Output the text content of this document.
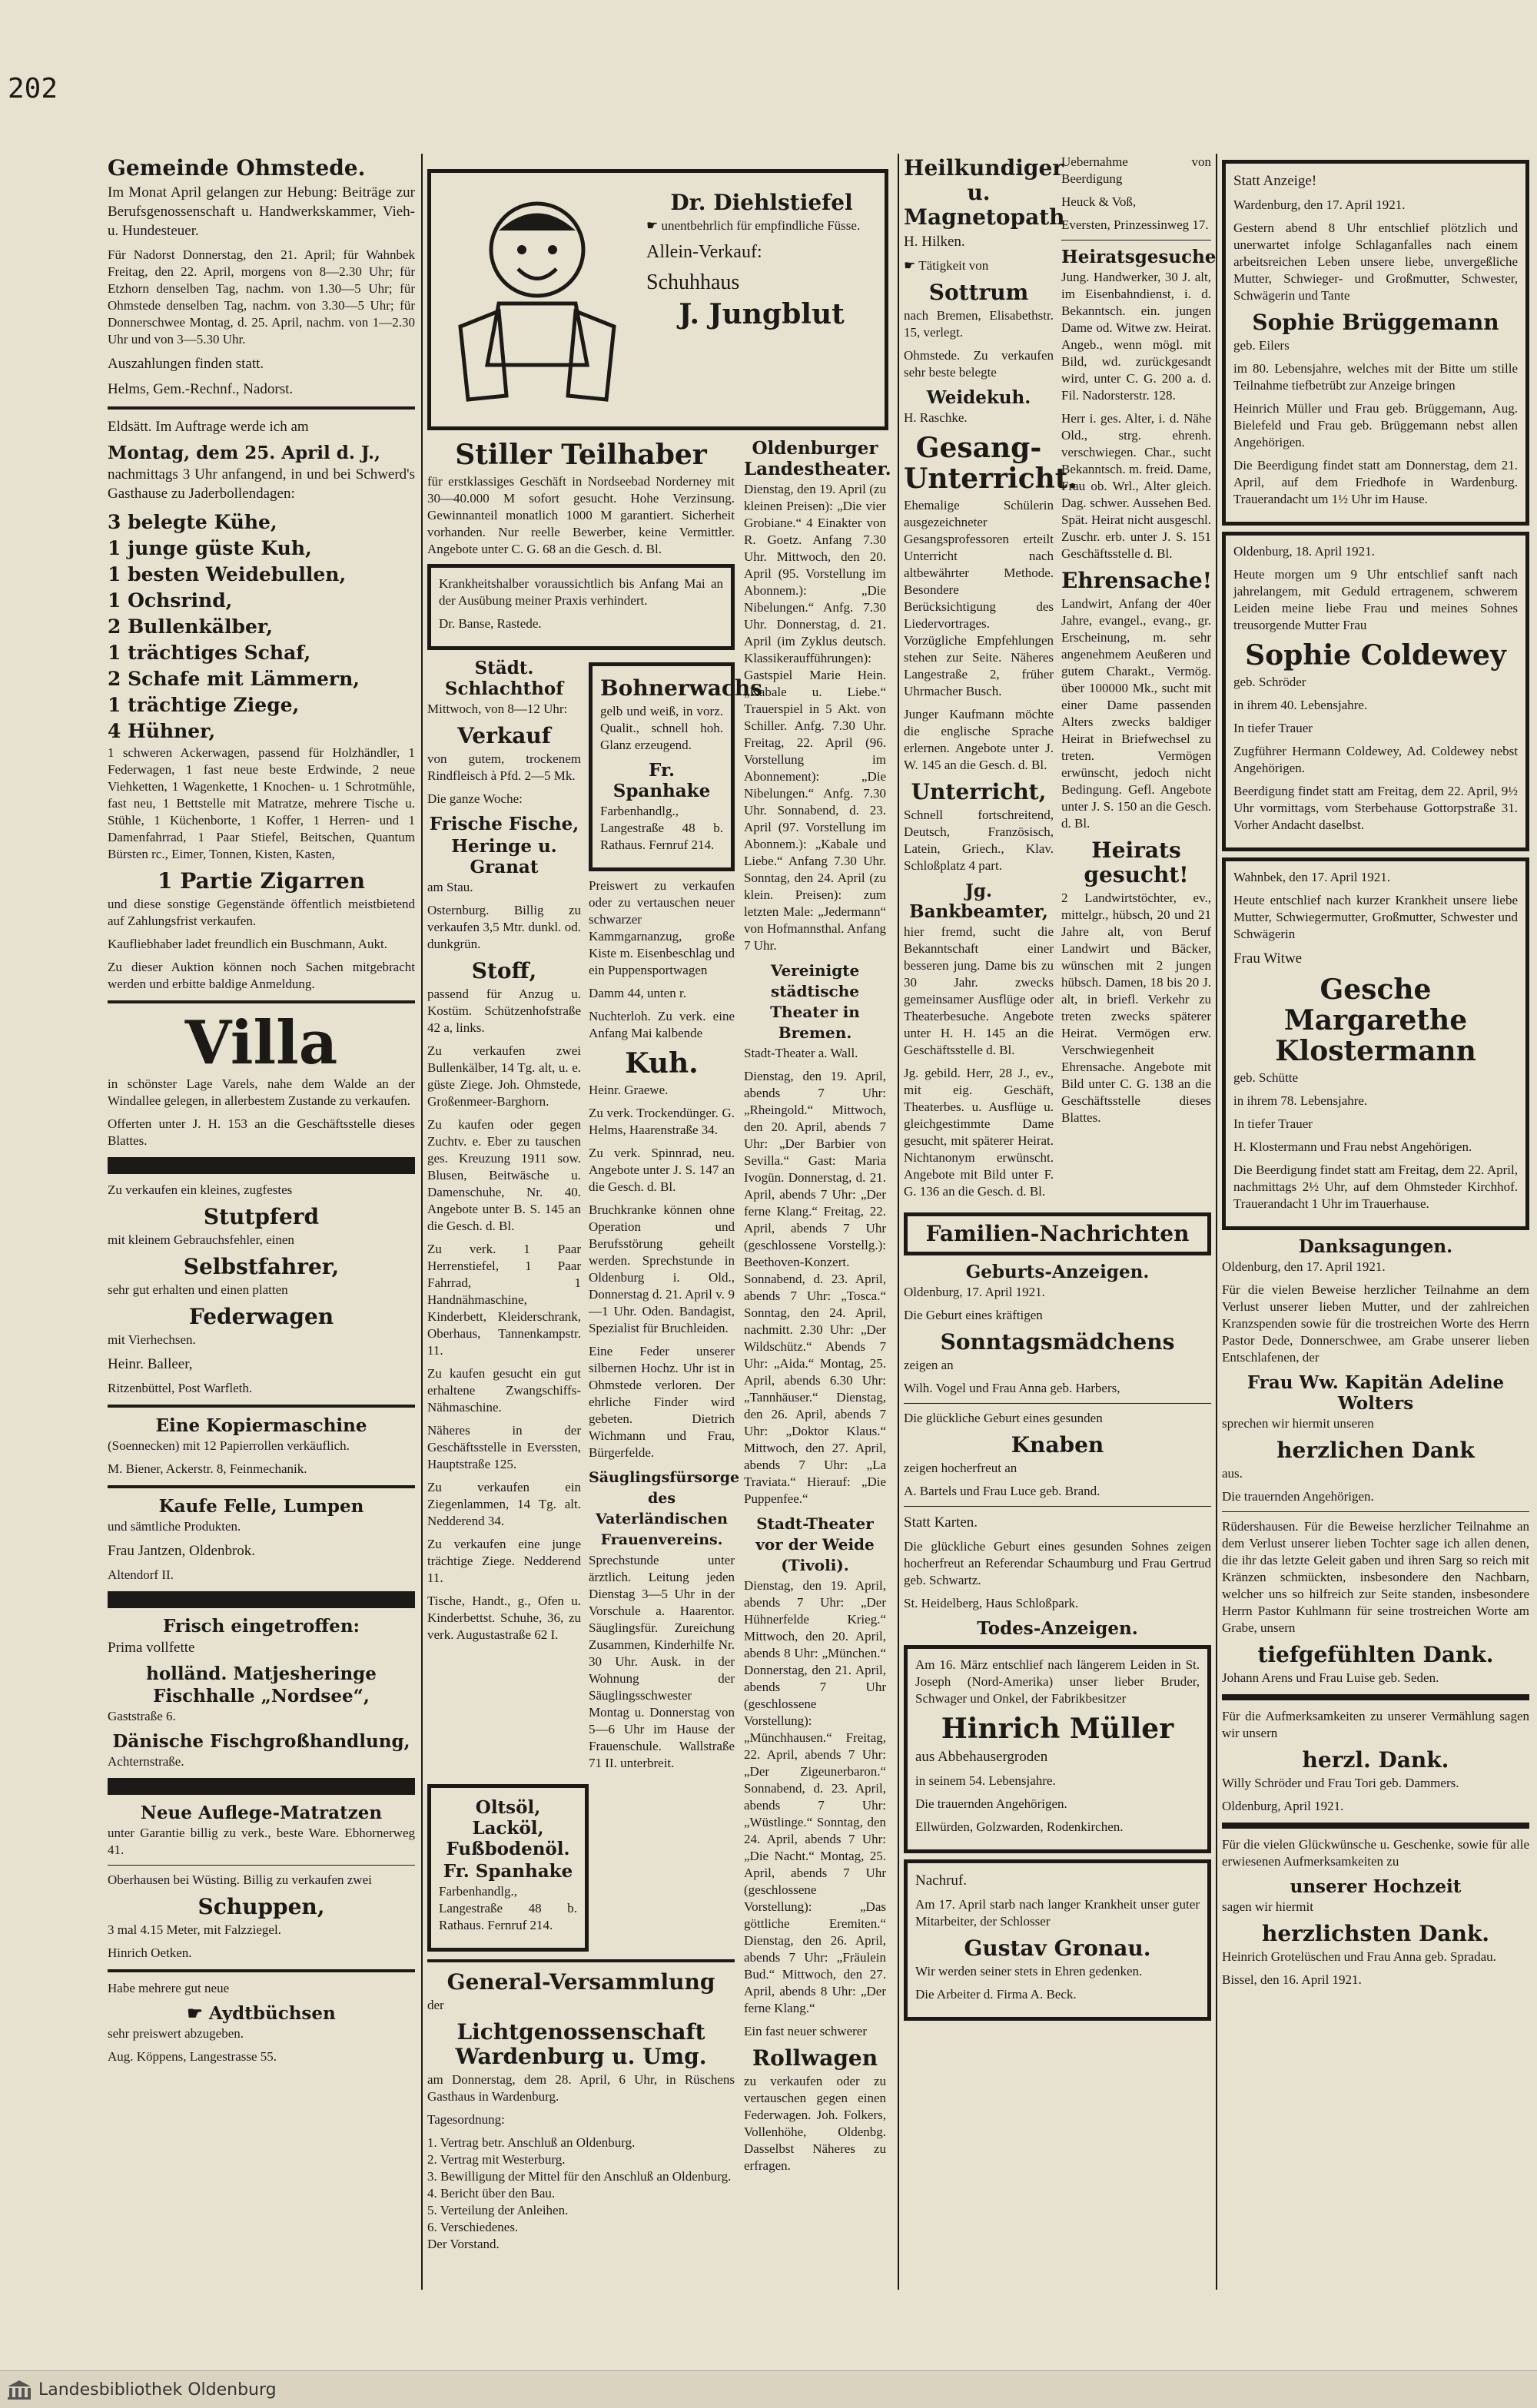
202
Gemeinde Ohmstede.

Im Monat April gelangen zur Hebung: Beiträge zur Berufsgenossenschaft u. Handwerkskammer, Vieh- u. Hundesteuer.

Für Nadorst Donnerstag, den 21. April; für Wahnbek Freitag, den 22. April, morgens von 8—2.30 Uhr; für Etzhorn denselben Tag, nachm. von 1.30—5 Uhr; für Ohmstede denselben Tag, nachm. von 3.30—5 Uhr; für Donnerschwee Montag, d. 25. April, nachm. von 1—2.30 Uhr und von 3—5.30 Uhr.

Auszahlungen finden statt.

Helms, Gem.-Rechnf., Nadorst.

Eldsätt. Im Auftrage werde ich am

Montag, dem 25. April d. J.,

nachmittags 3 Uhr anfangend, in und bei Schwerd's Gasthause zu Jaderbollendagen:

3 belegte Kühe,
1 junge güste Kuh,
1 besten Weidebullen,
1 Ochsrind,
2 Bullenkälber,
1 trächtiges Schaf,
2 Schafe mit Lämmern,
1 trächtige Ziege,
4 Hühner,

1 schweren Ackerwagen, passend für Holzhändler, 1 Federwagen, 1 fast neue beste Erdwinde, 2 neue Viehketten, 1 Wagenkette, 1 Knochen- u. 1 Schrotmühle, fast neu, 1 Bettstelle mit Matratze, mehrere Tische u. Stühle, 1 Küchenborte, 1 Koffer, 1 Herren- und 1 Damenfahrrad, 1 Paar Stiefel, Beitschen, Quantum Bürsten rc., Eimer, Tonnen, Kisten, Kasten,

1 Partie Zigarren

und diese sonstige Gegenstände öffentlich meistbietend auf Zahlungsfrist verkaufen.

Kaufliebhaber ladet freundlich ein Buschmann, Aukt.

Zu dieser Auktion können noch Sachen mitgebracht werden und erbitte baldige Anmeldung.

Villa

in schönster Lage Varels, nahe dem Walde an der Windallee gelegen, in allerbestem Zustande zu verkaufen.

Offerten unter J. H. 153 an die Geschäftsstelle dieses Blattes.

Zu verkaufen ein kleines, zugfestes

Stutpferd

mit kleinem Gebrauchsfehler, einen

Selbstfahrer,

sehr gut erhalten und einen platten

Federwagen

mit Vierhechsen.

Heinr. Balleer,

Ritzenbüttel, Post Warfleth.

Eine Kopiermaschine

(Soennecken) mit 12 Papierrollen verkäuflich.

M. Biener, Ackerstr. 8, Feinmechanik.

Kaufe Felle, Lumpen

und sämtliche Produkten.

Frau Jantzen, Oldenbrok.

Altendorf II.

Frisch eingetroffen:

Prima vollfette

holländ. Matjesheringe
Fischhalle „Nordsee“,

Gaststraße 6.

Dänische Fischgroßhandlung,

Achternstraße.

Neue Auflege-Matratzen

unter Garantie billig zu verk., beste Ware. Ebhornerweg 41.

Oberhausen bei Wüsting. Billig zu verkaufen zwei

Schuppen,

3 mal 4.15 Meter, mit Falzziegel.

Hinrich Oetken.

Habe mehrere gut neue

☛ Aydtbüchsen

sehr preiswert abzugeben.

Aug. Köppens, Langestrasse 55.

Dr. Diehlstiefel

☛ unentbehrlich für empfindliche Füsse.

Allein-Verkauf:

Schuhhaus

J. Jungblut
Stiller Teilhaber

für erstklassiges Geschäft in Nordseebad Norderney mit 30—40.000 M sofort gesucht. Hohe Verzinsung. Gewinnanteil monatlich 1000 M garantiert. Sicherheit vorhanden. Nur reelle Bewerber, keine Vermittler. Angebote unter C. G. 68 an die Gesch. d. Bl.

Krankheitshalber voraussichtlich bis Anfang Mai an der Ausübung meiner Praxis verhindert.

Dr. Banse, Rastede.

Städt. Schlachthof

Mittwoch, von 8—12 Uhr:

Verkauf

von gutem, trockenem Rindfleisch à Pfd. 2—5 Mk.

Die ganze Woche:

Frische Fische,
Heringe u. Granat

am Stau.

Osternburg. Billig zu verkaufen 3,5 Mtr. dunkl. od. dunkgrün.

Stoff,

passend für Anzug u. Kostüm. Schützenhofstraße 42 a, links.

Zu verkaufen zwei Bullenkälber, 14 Tg. alt, u. e. güste Ziege. Joh. Ohmstede, Großenmeer-Barghorn.

Zu kaufen oder gegen Zuchtv. e. Eber zu tauschen ges. Kreuzung 1911 sow. Blusen, Beitwäsche u. Damenschuhe, Nr. 40. Angebote unter B. S. 145 an die Gesch. d. Bl.

Zu verk. 1 Paar Herrenstiefel, 1 Paar Fahrrad, 1 Handnähmaschine, Kinderbett, Kleiderschrank, Oberhaus, Tannenkampstr. 11.

Zu kaufen gesucht ein gut erhaltene Zwangschiffs-Nähmaschine.

Näheres in der Geschäftsstelle in Everssten, Hauptstraße 125.

Zu verkaufen ein Ziegenlammen, 14 Tg. alt. Nedderend 34.

Zu verkaufen eine junge trächtige Ziege. Nedderend 11.

Tische, Handt., g., Ofen u. Kinderbettst. Schuhe, 36, zu verk. Augustastraße 62 I.

Bohnerwachs

gelb und weiß, in vorz. Qualit., schnell hoh. Glanz erzeugend.

Fr. Spanhake

Farbenhandlg., Langestraße 48 b. Rathaus. Fernruf 214.

Preiswert zu verkaufen oder zu vertauschen neuer schwarzer Kammgarnanzug, große Kiste m. Eisenbeschlag und ein Puppensportwagen

Damm 44, unten r.

Nuchterloh. Zu verk. eine Anfang Mai kalbende

Kuh.

Heinr. Graewe.

Zu verk. Trockendünger. G. Helms, Haarenstraße 34.

Zu verk. Spinnrad, neu. Angebote unter J. S. 147 an die Gesch. d. Bl.

Bruchkranke können ohne Operation und Berufsstörung geheilt werden. Sprechstunde in Oldenburg i. Old., Donnerstag d. 21. April v. 9—1 Uhr. Oden. Bandagist, Spezialist für Bruchleiden.

Eine Feder unserer silbernen Hochz. Uhr ist in Ohmstede verloren. Der ehrliche Finder wird gebeten. Dietrich Wichmann und Frau, Bürgerfelde.

Säuglingsfürsorge des Vaterländischen Frauenvereins.

Sprechstunde unter ärztlich. Leitung jeden Dienstag 3—5 Uhr in der Vorschule a. Haarentor. Säuglingsfür. Zureichung Zusammen, Kinderhilfe Nr. 30 Uhr. Ausk. in der Wohnung der Säuglingsschwester Montag u. Donnerstag von 5—6 Uhr im Hause der Frauenschule. Wallstraße 71 II. unterbreit.

Oltsöl, Lacköl, Fußbodenöl.
Fr. Spanhake

Farbenhandlg., Langestraße 48 b. Rathaus. Fernruf 214.

General-Versammlung

der

Lichtgenossenschaft Wardenburg u. Umg.

am Donnerstag, dem 28. April, 6 Uhr, in Rüschens Gasthaus in Wardenburg.

Tagesordnung:

1. Vertrag betr. Anschluß an Oldenburg.

2. Vertrag mit Westerburg.

3. Bewilligung der Mittel für den Anschluß an Oldenburg.

4. Bericht über den Bau.

5. Verteilung der Anleihen.

6. Verschiedenes.

Der Vorstand.

Oldenburger Landestheater.

Dienstag, den 19. April (zu kleinen Preisen): „Die vier Grobiane.“ 4 Einakter von R. Goetz. Anfang 7.30 Uhr. Mittwoch, den 20. April (95. Vorstellung im Abonnem.): „Die Nibelungen.“ Anfg. 7.30 Uhr. Donnerstag, d. 21. April (im Zyklus deutsch. Klassikeraufführungen): Gastspiel Marie Hein. „Kabale u. Liebe.“ Trauerspiel in 5 Akt. von Schiller. Anfg. 7.30 Uhr. Freitag, 22. April (96. Vorstellung im Abonnement): „Die Nibelungen.“ Anfg. 7.30 Uhr. Sonnabend, d. 23. April (97. Vorstellung im Abonnem.): „Kabale und Liebe.“ Anfang 7.30 Uhr. Sonntag, den 24. April (zu klein. Preisen): zum letzten Male: „Jedermann“ von Hofmannsthal. Anfang 7 Uhr.

Vereinigte städtische Theater in Bremen.

Stadt-Theater a. Wall.

Dienstag, den 19. April, abends 7 Uhr: „Rheingold.“ Mittwoch, den 20. April, abends 7 Uhr: „Der Barbier von Sevilla.“ Gast: Maria Ivogün. Donnerstag, d. 21. April, abends 7 Uhr: „Der ferne Klang.“ Freitag, 22. April, abends 7 Uhr (geschlossene Vorstellg.): Beethoven-Konzert. Sonnabend, d. 23. April, abends 7 Uhr: „Tosca.“ Sonntag, den 24. April, nachmitt. 2.30 Uhr: „Der Wildschütz.“ Abends 7 Uhr: „Aida.“ Montag, 25. April, abends 6.30 Uhr: „Tannhäuser.“ Dienstag, den 26. April, abends 7 Uhr: „Doktor Klaus.“ Mittwoch, den 27. April, abends 7 Uhr: „La Traviata.“ Hierauf: „Die Puppenfee.“

Stadt-Theater vor der Weide (Tivoli).

Dienstag, den 19. April, abends 7 Uhr: „Der Hühnerfelde Krieg.“ Mittwoch, den 20. April, abends 8 Uhr: „München.“ Donnerstag, den 21. April, abends 7 Uhr (geschlossene Vorstellung): „Münchhausen.“ Freitag, 22. April, abends 7 Uhr: „Der Zigeunerbaron.“ Sonnabend, d. 23. April, abends 7 Uhr: „Wüstlinge.“ Sonntag, den 24. April, abends 7 Uhr: „Die Nacht.“ Montag, 25. April, abends 7 Uhr (geschlossene Vorstellung): „Das göttliche Eremiten.“ Dienstag, den 26. April, abends 7 Uhr: „Fräulein Bud.“ Mittwoch, den 27. April, abends 8 Uhr: „Der ferne Klang.“

Ein fast neuer schwerer

Rollwagen

zu verkaufen oder zu vertauschen gegen einen Federwagen. Joh. Folkers, Vollenhöhe, Oldenbg. Dasselbst Näheres zu erfragen.

Heilkundiger u. Magnetopath

H. Hilken.

☛ Tätigkeit von

Sottrum

nach Bremen, Elisabethstr. 15, verlegt.

Ohmstede. Zu verkaufen sehr beste belegte

Weidekuh.

H. Raschke.

Gesang-Unterricht.

Ehemalige Schülerin ausgezeichneter Gesangsprofessoren erteilt Unterricht nach altbewährter Methode. Besondere Berücksichtigung des Liedervortrages. Vorzügliche Empfehlungen stehen zur Seite. Näheres Langestraße 2, früher Uhrmacher Busch.

Junger Kaufmann möchte die englische Sprache erlernen. Angebote unter J. W. 145 an die Gesch. d. Bl.

Unterricht,

Schnell fortschreitend, Deutsch, Französisch, Latein, Griech., Klav. Schloßplatz 4 part.

Jg. Bankbeamter,

hier fremd, sucht die Bekanntschaft einer besseren jung. Dame bis zu 30 Jahr. zwecks gemeinsamer Ausflüge oder Theaterbesuche. Angebote unter H. H. 145 an die Geschäftsstelle d. Bl.

Jg. gebild. Herr, 28 J., ev., mit eig. Geschäft, Theaterbes. u. Ausflüge u. gleichgestimmte Dame gesucht, mit späterer Heirat. Nichtanonym erwünscht. Angebote mit Bild unter F. G. 136 an die Gesch. d. Bl.

Uebernahme von Beerdigung

Heuck & Voß,

Eversten, Prinzessinweg 17.

Heiratsgesuche

Jung. Handwerker, 30 J. alt, im Eisenbahndienst, i. d. Bekanntsch. ein. jungen Dame od. Witwe zw. Heirat. Angeb., wenn mögl. mit Bild, wd. zurückgesandt wird, unter C. G. 200 a. d. Fil. Nadorsterstr. 128.

Herr i. ges. Alter, i. d. Nähe Old., strg. ehrenh. verschwiegen. Char., sucht Bekanntsch. m. freid. Dame, Frau ob. Wrl., Alter gleich. Dag. schwer. Aussehen Bed. Spät. Heirat nicht ausgeschl. Zuschr. erb. unter J. S. 151 Geschäftsstelle d. Bl.

Ehrensache!

Landwirt, Anfang der 40er Jahre, evangel., evang., gr. Erscheinung, m. sehr angenehmem Aeußeren und gutem Charakt., Vermög. über 100000 Mk., sucht mit einer Dame passenden Alters zwecks baldiger Heirat in Briefwechsel zu treten. Vermögen erwünscht, jedoch nicht Bedingung. Gefl. Angebote unter J. S. 150 an die Gesch. d. Bl.

Heirats gesucht!

2 Landwirtstöchter, ev., mittelgr., hübsch, 20 und 21 Jahre alt, von Beruf Landwirt und Bäcker, wünschen mit 2 jungen hübsch. Damen, 18 bis 20 J. alt, in briefl. Verkehr zu treten zwecks späterer Heirat. Vermögen erw. Verschwiegenheit Ehrensache. Angebote mit Bild unter C. G. 138 an die Geschäftsstelle dieses Blattes.

Familien-Nachrichten
Geburts-Anzeigen.

Oldenburg, 17. April 1921.

Die Geburt eines kräftigen

Sonntagsmädchens

zeigen an

Wilh. Vogel und Frau Anna geb. Harbers,

Die glückliche Geburt eines gesunden

Knaben

zeigen hocherfreut an

A. Bartels und Frau Luce geb. Brand.

Statt Karten.

Die glückliche Geburt eines gesunden Sohnes zeigen hocherfreut an Referendar Schaumburg und Frau Gertrud geb. Schwartz.

St. Heidelberg, Haus Schloßpark.

Todes-Anzeigen.

Am 16. März entschlief nach längerem Leiden in St. Joseph (Nord-Amerika) unser lieber Bruder, Schwager und Onkel, der Fabrikbesitzer

Hinrich Müller

aus Abbehausergroden

in seinem 54. Lebensjahre.

Die trauernden Angehörigen.

Ellwürden, Golzwarden, Rodenkirchen.

Nachruf.

Am 17. April starb nach langer Krankheit unser guter Mitarbeiter, der Schlosser

Gustav Gronau.

Wir werden seiner stets in Ehren gedenken.

Die Arbeiter d. Firma A. Beck.

Statt Anzeige!

Wardenburg, den 17. April 1921.

Gestern abend 8 Uhr entschlief plötzlich und unerwartet infolge Schlaganfalles nach einem arbeitsreichen Leben unsere liebe, unvergeßliche Mutter, Schwieger- und Großmutter, Schwester, Schwägerin und Tante

Sophie Brüggemann

geb. Eilers

im 80. Lebensjahre, welches mit der Bitte um stille Teilnahme tiefbetrübt zur Anzeige bringen

Heinrich Müller und Frau geb. Brüggemann, Aug. Bielefeld und Frau geb. Brüggemann nebst allen Angehörigen.

Die Beerdigung findet statt am Donnerstag, dem 21. April, auf dem Friedhofe in Wardenburg. Trauerandacht um 1½ Uhr im Hause.

Oldenburg, 18. April 1921.

Heute morgen um 9 Uhr entschlief sanft nach jahrelangem, mit Geduld ertragenem, schwerem Leiden meine liebe Frau und meines Sohnes treusorgende Mutter Frau

Sophie Coldewey

geb. Schröder

in ihrem 40. Lebensjahre.

In tiefer Trauer

Zugführer Hermann Coldewey, Ad. Coldewey nebst Angehörigen.

Beerdigung findet statt am Freitag, dem 22. April, 9½ Uhr vormittags, vom Sterbehause Gottorpstraße 31. Vorher Andacht daselbst.

Wahnbek, den 17. April 1921.

Heute entschlief nach kurzer Krankheit unsere liebe Mutter, Schwiegermutter, Großmutter, Schwester und Schwägerin

Frau Witwe

Gesche Margarethe Klostermann

geb. Schütte

in ihrem 78. Lebensjahre.

In tiefer Trauer

H. Klostermann und Frau nebst Angehörigen.

Die Beerdigung findet statt am Freitag, dem 22. April, nachmittags 2½ Uhr, auf dem Ohmsteder Kirchhof. Trauerandacht 1 Uhr im Trauerhause.

Danksagungen.

Oldenburg, den 17. April 1921.

Für die vielen Beweise herzlicher Teilnahme an dem Verlust unserer lieben Mutter, und der zahlreichen Kranzspenden sowie für die trostreichen Worte des Herrn Pastor Dede, Donnerschwee, am Grabe unserer lieben Entschlafenen, der

Frau Ww. Kapitän Adeline Wolters

sprechen wir hiermit unseren

herzlichen Dank

aus.

Die trauernden Angehörigen.

Rüdershausen. Für die Beweise herzlicher Teilnahme an dem Verlust unserer lieben Tochter sage ich allen denen, die ihr das letzte Geleit gaben und ihren Sarg so reich mit Kränzen schmückten, insbesondere den Nachbarn, welcher uns so hilfreich zur Seite standen, insbesondere Herrn Pastor Kuhlmann für seine trostreichen Worte am Grabe, unsern

tiefgefühlten Dank.

Johann Arens und Frau Luise geb. Seden.

Für die Aufmerksamkeiten zu unserer Vermählung sagen wir unsern

herzl. Dank.

Willy Schröder und Frau Tori geb. Dammers.

Oldenburg, April 1921.

Für die vielen Glückwünsche u. Geschenke, sowie für alle erwiesenen Aufmerksamkeiten zu

unserer Hochzeit

sagen wir hiermit

herzlichsten Dank.

Heinrich Grotelüschen und Frau Anna geb. Spradau.

Bissel, den 16. April 1921.

Landesbibliothek Oldenburg
